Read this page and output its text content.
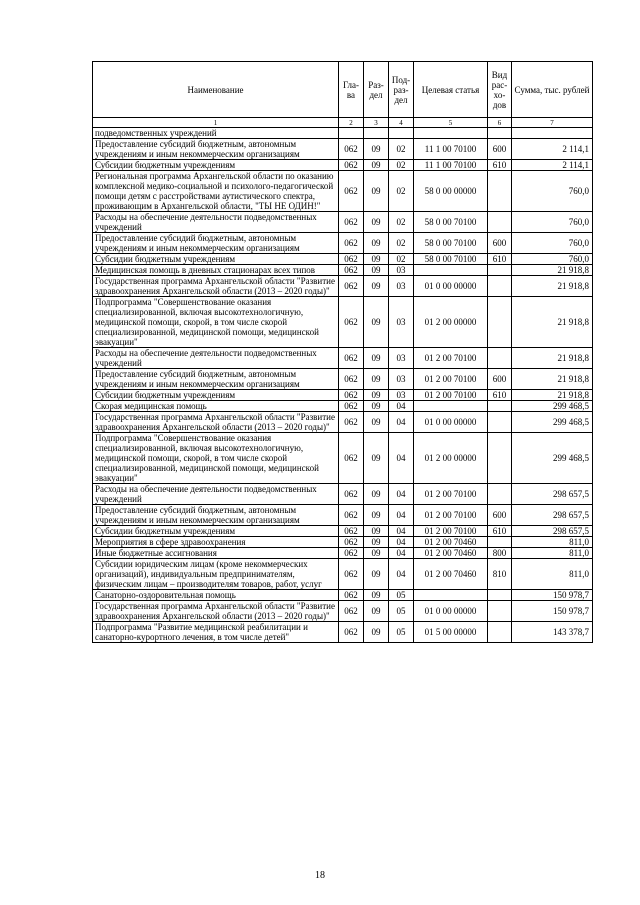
Наименование	Гла-ва	Раз-дел	Под-раз-дел	Целевая статья	Вид рас-хо-дов	Сумма, тыс. рублей
1	2	3	4	5	6	7
подведомственных учреждений						
Предоставление субсидий бюджетным, автономным учреждениям и иным некоммерческим организациям	062	09	02	11 1 00 70100	600	2 114,1
Субсидии бюджетным учреждениям	062	09	02	11 1 00 70100	610	2 114,1
Региональная программа Архангельской области по оказанию комплексной медико-социальной и психолого-педагогической помощи детям с расстройствами аутистического спектра, проживающим в Архангельской области, "ТЫ НЕ ОДИН!"	062	09	02	58 0 00 00000		760,0
Расходы на обеспечение деятельности подведомственных учреждений	062	09	02	58 0 00 70100		760,0
Предоставление субсидий бюджетным, автономным учреждениям и иным некоммерческим организациям	062	09	02	58 0 00 70100	600	760,0
Субсидии бюджетным учреждениям	062	09	02	58 0 00 70100	610	760,0
Медицинская помощь в дневных стационарах всех типов	062	09	03			21 918,8
Государственная программа Архангельской области "Развитие здравоохранения Архангельской области (2013 – 2020 годы)"	062	09	03	01 0 00 00000		21 918,8
Подпрограмма "Совершенствование оказания специализированной, включая высокотехнологичную, медицинской помощи, скорой, в том числе скорой специализированной, медицинской помощи, медицинской эвакуации"	062	09	03	01 2 00 00000		21 918,8
Расходы на обеспечение деятельности подведомственных учреждений	062	09	03	01 2 00 70100		21 918,8
Предоставление субсидий бюджетным, автономным учреждениям и иным некоммерческим организациям	062	09	03	01 2 00 70100	600	21 918,8
Субсидии бюджетным учреждениям	062	09	03	01 2 00 70100	610	21 918,8
Скорая медицинская помощь	062	09	04			299 468,5
Государственная программа Архангельской области "Развитие здравоохранения Архангельской области (2013 – 2020 годы)"	062	09	04	01 0 00 00000		299 468,5
Подпрограмма "Совершенствование оказания специализированной, включая высокотехнологичную, медицинской помощи, скорой, в том числе скорой специализированной, медицинской помощи, медицинской эвакуации"	062	09	04	01 2 00 00000		299 468,5
Расходы на обеспечение деятельности подведомственных учреждений	062	09	04	01 2 00 70100		298 657,5
Предоставление субсидий бюджетным, автономным учреждениям и иным некоммерческим организациям	062	09	04	01 2 00 70100	600	298 657,5
Субсидии бюджетным учреждениям	062	09	04	01 2 00 70100	610	298 657,5
Мероприятия в сфере здравоохранения	062	09	04	01 2 00 70460		811,0
Иные бюджетные ассигнования	062	09	04	01 2 00 70460	800	811,0
Субсидии юридическим лицам (кроме некоммерческих организаций), индивидуальным предпринимателям, физическим лицам – производителям товаров, работ, услуг	062	09	04	01 2 00 70460	810	811,0
Санаторно-оздоровительная помощь	062	09	05			150 978,7
Государственная программа Архангельской области "Развитие здравоохранения Архангельской области (2013 – 2020 годы)"	062	09	05	01 0 00 00000		150 978,7
Подпрограмма "Развитие медицинской реабилитации и санаторно-курортного лечения, в том числе детей"	062	09	05	01 5 00 00000		143 378,7
18
